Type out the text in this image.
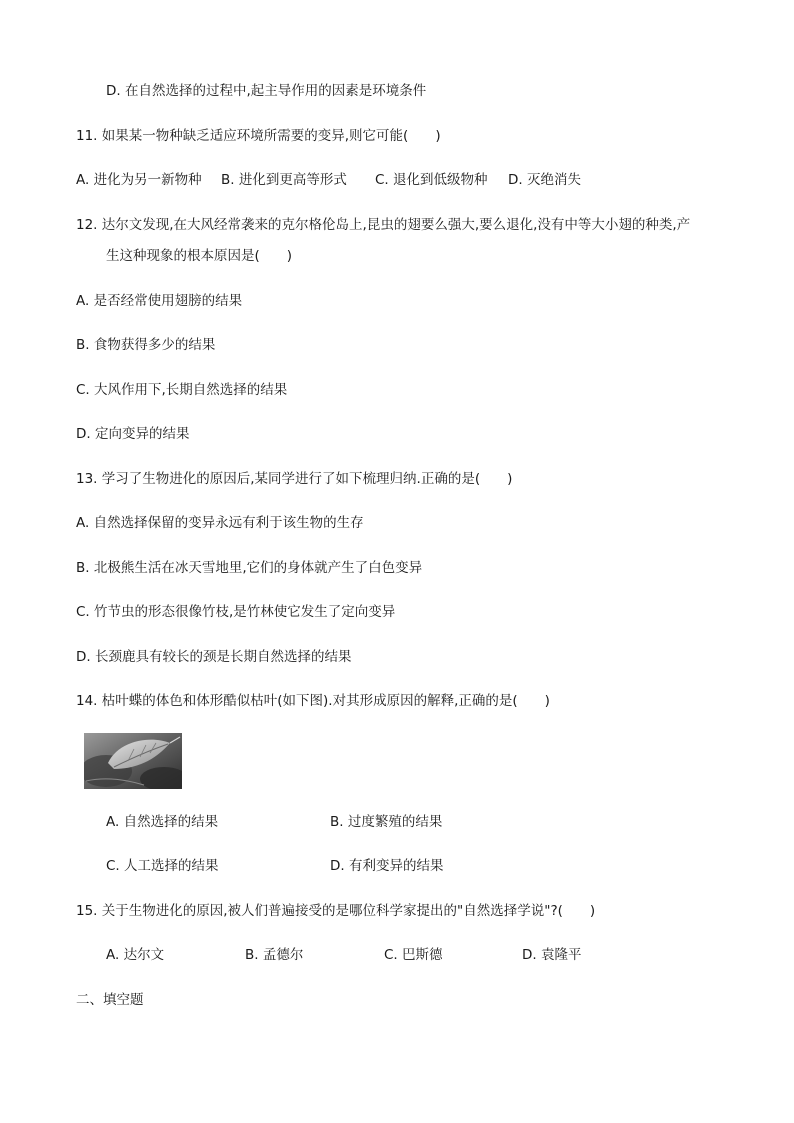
D. 在自然选择的过程中,起主导作用的因素是环境条件
11. 如果某一物种缺乏适应环境所需要的变异,则它可能(　　)
A. 进化为另一新物种 B. 进化到更高等形式 C. 退化到低级物种 D. 灭绝消失
12. 达尔文发现,在大风经常袭来的克尔格伦岛上,昆虫的翅要么强大,要么退化,没有中等大小翅的种类,产
生这种现象的根本原因是(　　)
A. 是否经常使用翅膀的结果
B. 食物获得多少的结果
C. 大风作用下,长期自然选择的结果
D. 定向变异的结果
13. 学习了生物进化的原因后,某同学进行了如下梳理归纳.正确的是(　　)
A. 自然选择保留的变异永远有利于该生物的生存
B. 北极熊生活在冰天雪地里,它们的身体就产生了白色变异
C. 竹节虫的形态很像竹枝,是竹林使它发生了定向变异
D. 长颈鹿具有较长的颈是长期自然选择的结果
14. 枯叶蝶的体色和体形酷似枯叶(如下图).对其形成原因的解释,正确的是(　　)
A. 自然选择的结果	B. 过度繁殖的结果
C. 人工选择的结果	D. 有利变异的结果
15. 关于生物进化的原因,被人们普遍接受的是哪位科学家提出的"自然选择学说"?(　　)
A. 达尔文	B. 孟德尔	C. 巴斯德	D. 袁隆平
二、填空题
